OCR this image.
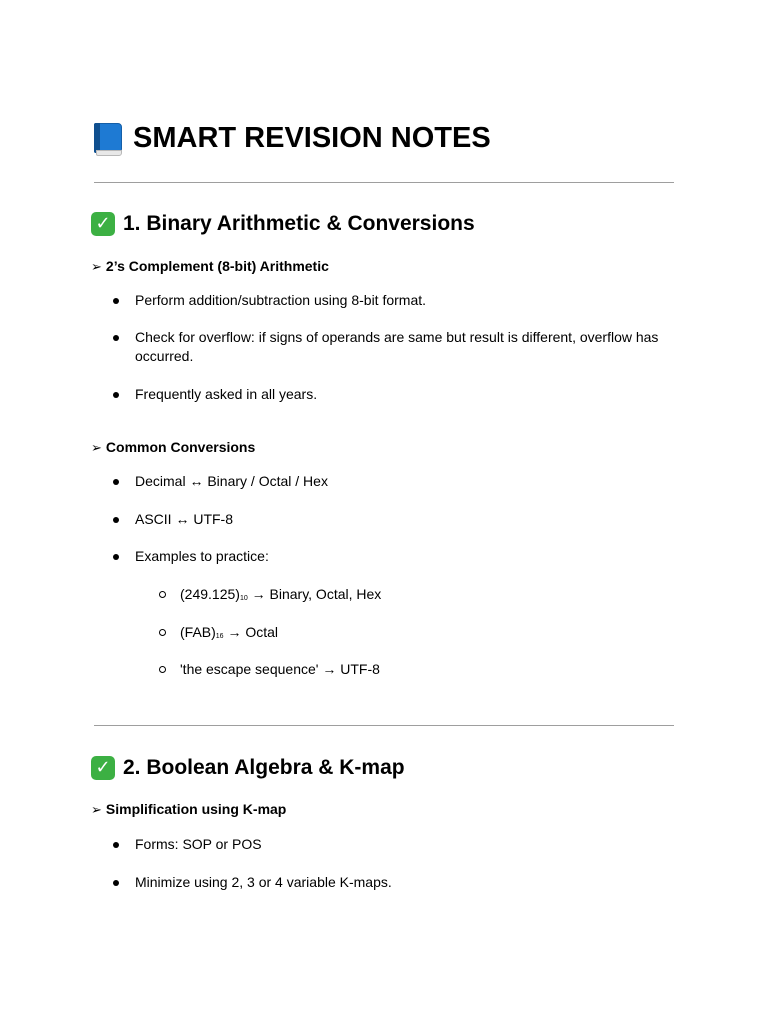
SMART REVISION NOTES
✓ 1. Binary Arithmetic & Conversions
➢ 2’s Complement (8-bit) Arithmetic
Perform addition/subtraction using 8-bit format.
Check for overflow: if signs of operands are same but result is different, overflow has occurred.
Frequently asked in all years.
➢ Common Conversions
Decimal ↔ Binary / Octal / Hex
ASCII ↔ UTF-8
Examples to practice:
(249.125)10 → Binary, Octal, Hex
(FAB)16 → Octal
'the escape sequence' → UTF-8
✓ 2. Boolean Algebra & K-map
➢ Simplification using K-map
Forms: SOP or POS
Minimize using 2, 3 or 4 variable K-maps.
